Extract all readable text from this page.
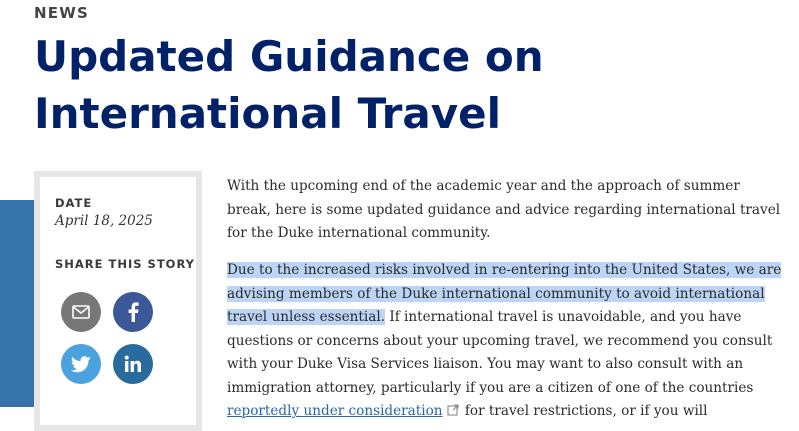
NEWS
Updated Guidance on International Travel
DATE
April 18, 2025
SHARE THIS STORY

With the upcoming end of the academic year and the approach of summer break, here is some updated guidance and advice regarding international travel for the Duke international community.

Due to the increased risks involved in re-entering into the United States, we are advising members of the Duke international community to avoid international travel unless essential. If international travel is unavoidable, and you have questions or concerns about your upcoming travel, we recommend you consult with your Duke Visa Services liaison. You may want to also consult with an immigration attorney, particularly if you are a citizen of one of the countries reportedly under consideration for travel restrictions, or if you will
